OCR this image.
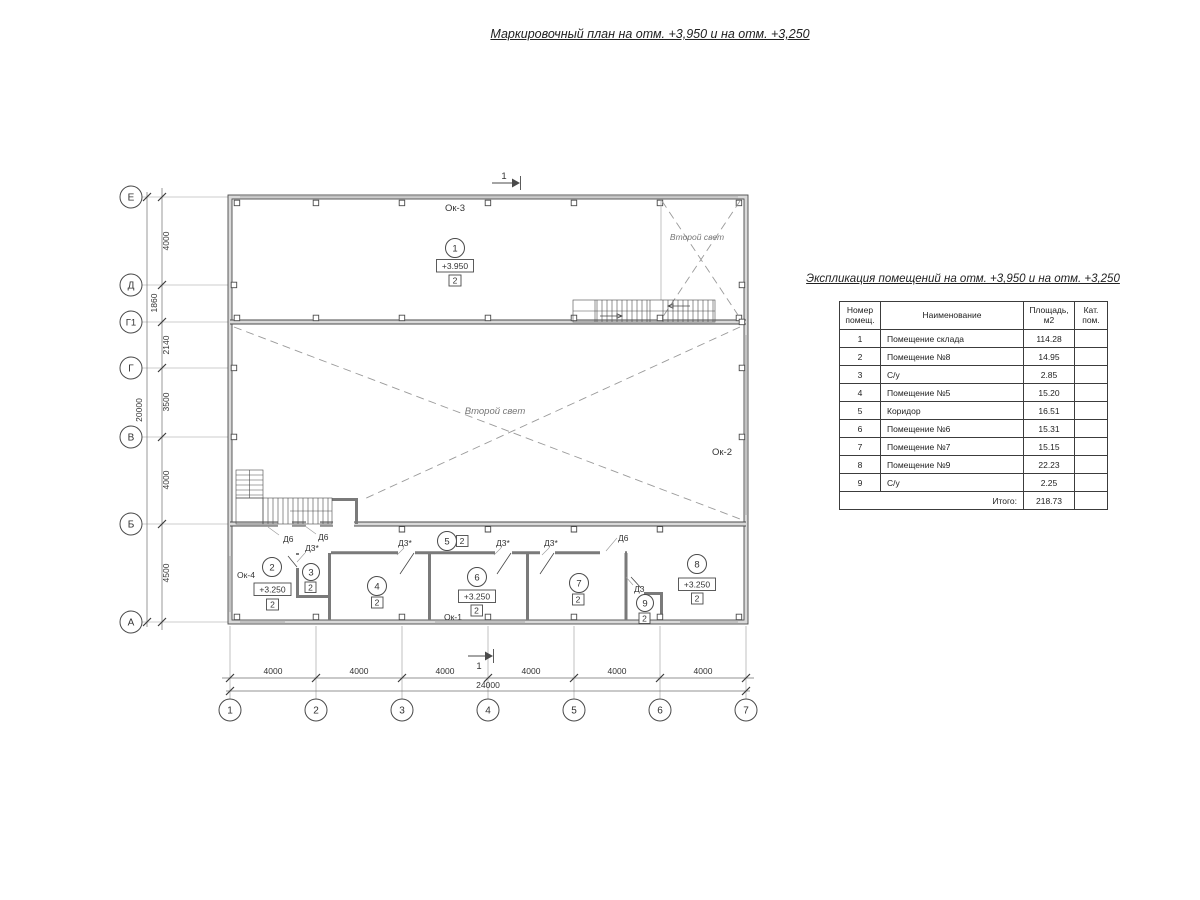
Маркировочный план на отм. +3,950 и на отм. +3,250
Экспликация помещений на отм. +3,950 и на отм. +3,250
Д6	Д6	Д6
Д3*	Д3*	Д3*	Д3*
Д3
Ок-3
Ок-2
Ок-4
Ок-1
Второй свет
Второй свет
1
+3.950
2
2
+3.250
2
3
2	4
2
5 2
6
+3.250
2
7
2
8
+3.250
2
9
2
1
1
Е
Д
Г1
Г
В
Б
А
1	2	3	4	5	6	7
4000
1860
2140
3500
4000
4500
20000
4000	4000	4000	4000	4000	4000
24000
Номер помещ.	Наименование	Площадь, м2	Кат. пом.
1	Помещение склада	114.28	
2	Помещение №8	14.95	
3	С/у	2.85	
4	Помещение №5	15.20	
5	Коридор	16.51	
6	Помещение №6	15.31	
7	Помещение №7	15.15	
8	Помещение №9	22.23	
9	С/у	2.25	
Итого:		218.73	
